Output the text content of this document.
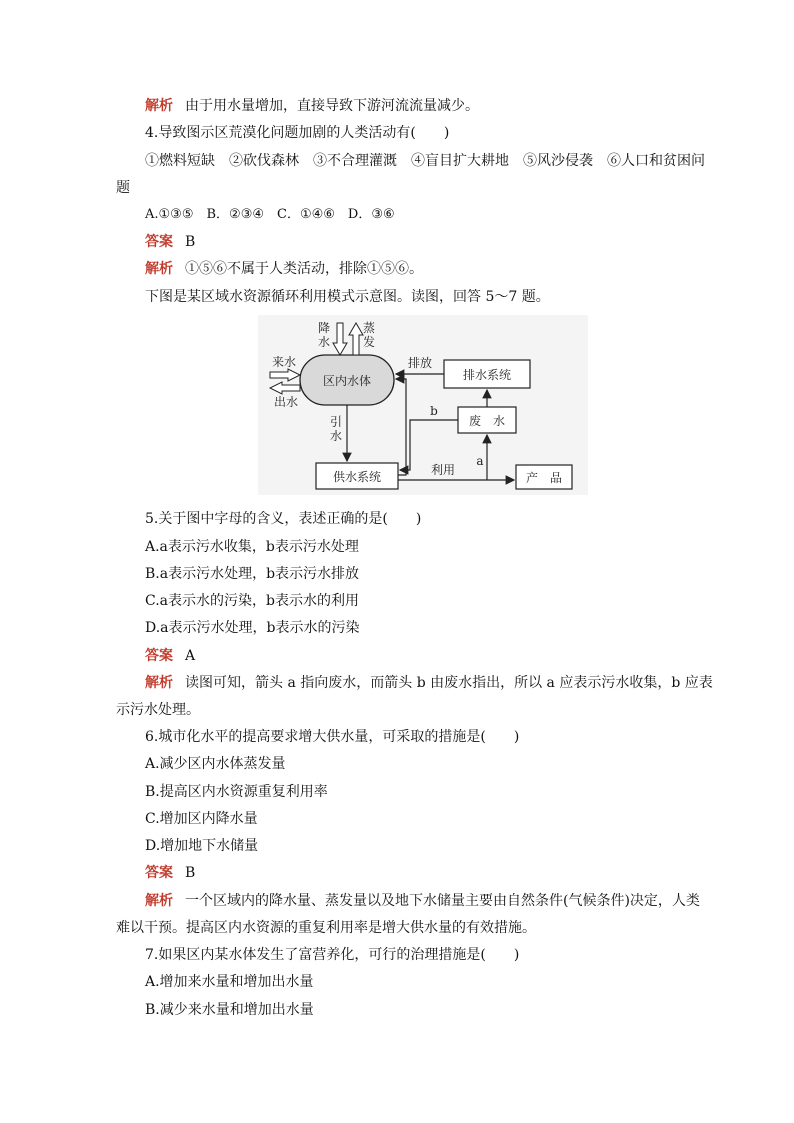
解析 由于用水量增加，直接导致下游河流流量减少。
4.导致图示区荒漠化问题加剧的人类活动有(　　)
①燃料短缺　②砍伐森林　③不合理灌溉　④盲目扩大耕地　⑤风沙侵袭　⑥人口和贫困问
题
A.①③⑤　B．②③④　C．①④⑥　D．③⑥
答案 B
解析 ①⑤⑥不属于人类活动，排除①⑤⑥。
下图是某区域水资源循环利用模式示意图。读图，回答 5～7 题。
区内水体
降
水
蒸
发
来水
出水
排水系统
排放
废　水
b
供水系统
引
水
利用
产　品
a
5.关于图中字母的含义，表述正确的是(　　)
A.a表示污水收集，b表示污水处理
B.a表示污水处理，b表示污水排放
C.a表示水的污染，b表示水的利用
D.a表示污水处理，b表示水的污染
答案 A
解析 读图可知，箭头 a 指向废水，而箭头 b 由废水指出，所以 a 应表示污水收集，b 应表
示污水处理。
6.城市化水平的提高要求增大供水量，可采取的措施是(　　)
A.减少区内水体蒸发量
B.提高区内水资源重复利用率
C.增加区内降水量
D.增加地下水储量
答案 B
解析 一个区域内的降水量、蒸发量以及地下水储量主要由自然条件(气候条件)决定，人类
难以干预。提高区内水资源的重复利用率是增大供水量的有效措施。
7.如果区内某水体发生了富营养化，可行的治理措施是(　　)
A.增加来水量和增加出水量
B.减少来水量和增加出水量
